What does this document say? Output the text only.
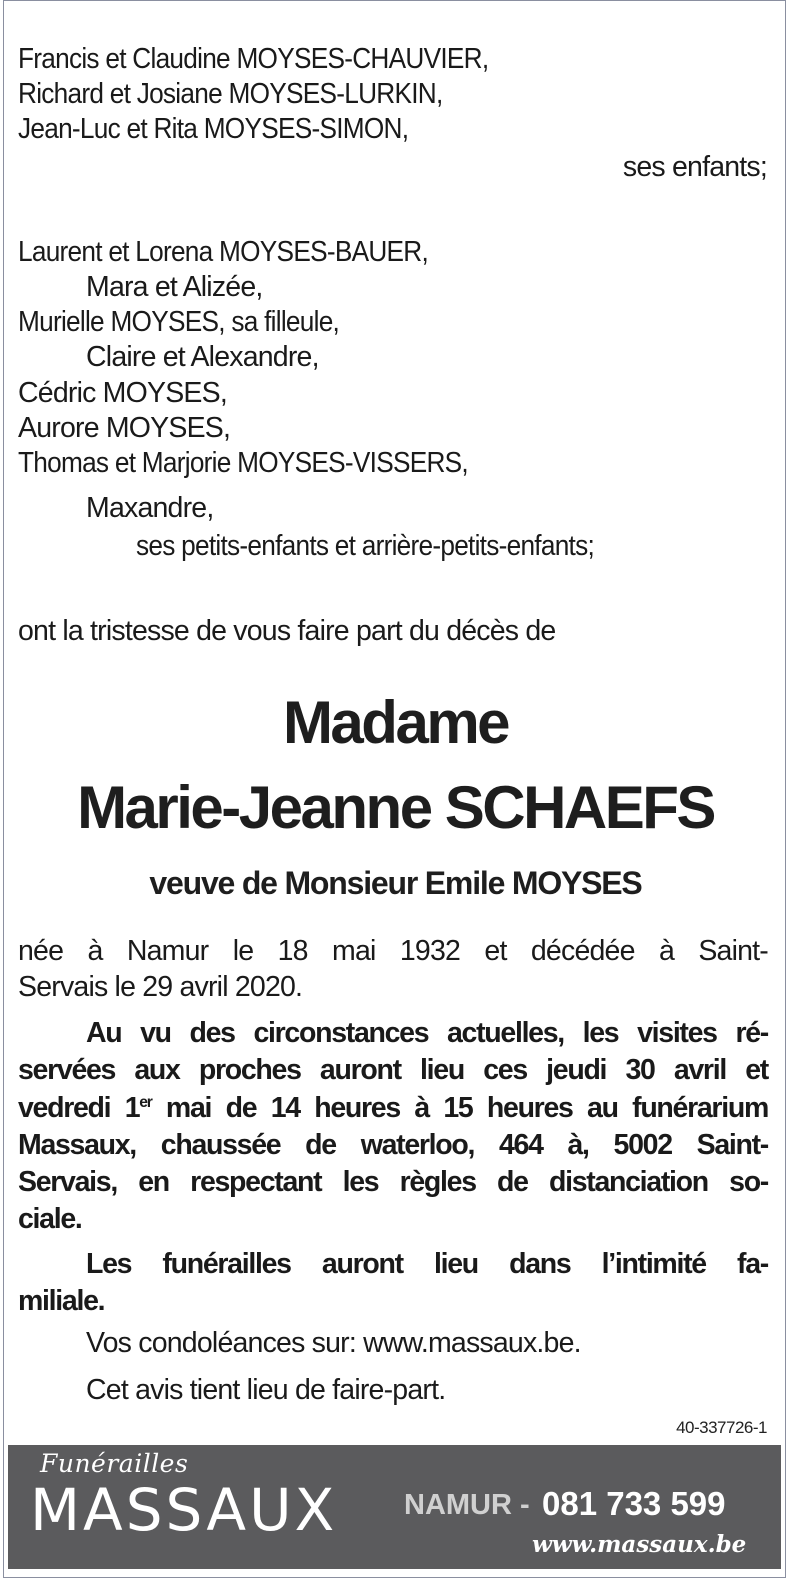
Francis et Claudine MOYSES-CHAUVIER,
Richard et Josiane MOYSES-LURKIN,
Jean-Luc et Rita MOYSES-SIMON,
ses enfants;
Laurent et Lorena MOYSES-BAUER,
Mara et Alizée,
Murielle MOYSES, sa filleule,
Claire et Alexandre,
Cédric MOYSES,
Aurore MOYSES,
Thomas et Marjorie MOYSES-VISSERS,
Maxandre,
ses petits-enfants et arrière-petits-enfants;
ont la tristesse de vous faire part du décès de
Madame
Marie-Jeanne SCHAEFS
veuve de Monsieur Emile MOYSES
née à Namur le 18 mai 1932 et décédée à Saint-
Servais le 29 avril 2020.
Au vu des circonstances actuelles, les visites ré-
servées aux proches auront lieu ces jeudi 30 avril et
vedredi 1er mai de 14 heures à 15 heures au funérarium
Massaux, chaussée de waterloo, 464 à, 5002 Saint-
Servais, en respectant les règles de distanciation so-
ciale.
Les funérailles auront lieu dans l’intimité fa-
miliale.
Vos condoléances sur: www.massaux.be.
Cet avis tient lieu de faire-part.
40-337726-1
Funérailles
MASSAUX NAMUR - 081 733 599
www.massaux.be
